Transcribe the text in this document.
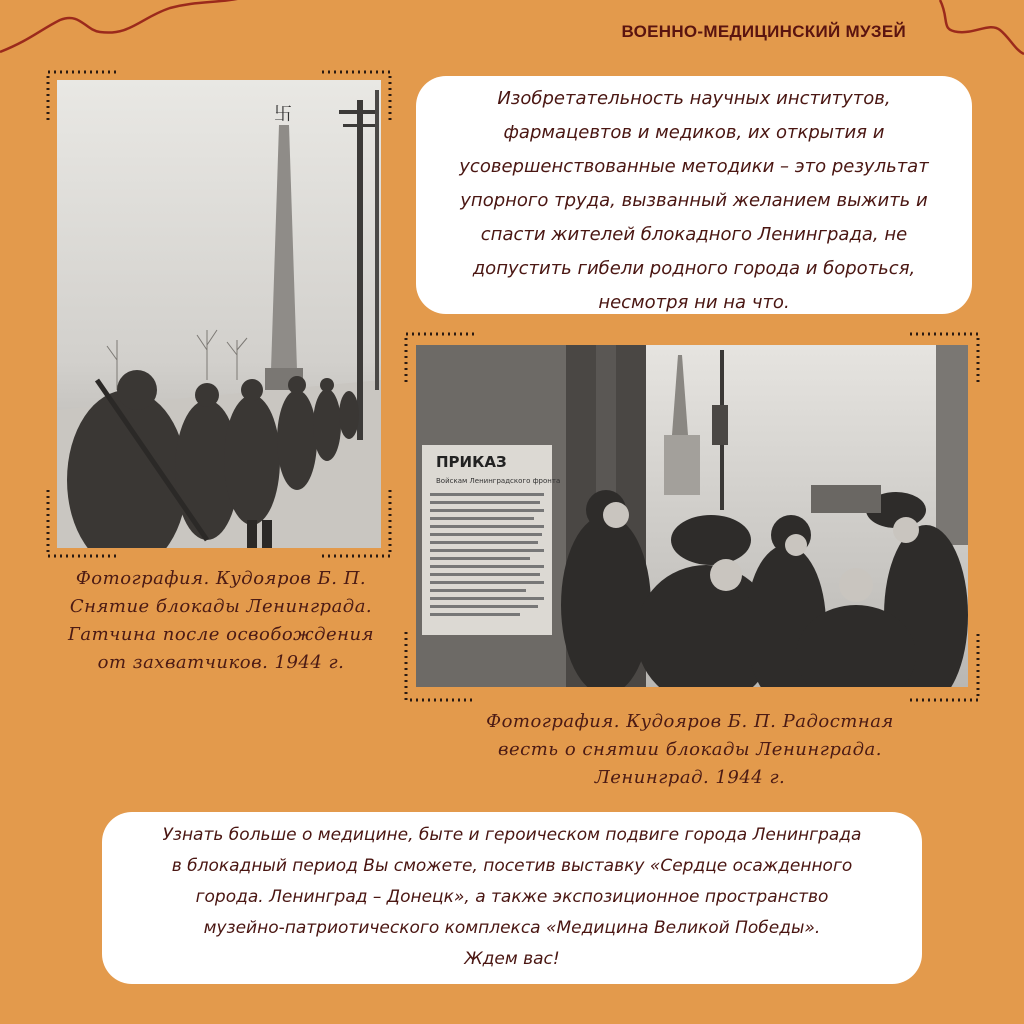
ВОЕННО-МЕДИЦИНСКИЙ МУЗЕЙ
卐
Фотография. Кудояров Б. П.
Снятие блокады Ленинграда.
Гатчина после освобождения
от захватчиков. 1944 г.

Изобретательность научных институтов,

фармацевтов и медиков, их открытия и

усовершенствованные методики – это результат

упорного труда, вызванный желанием выжить и

спасти жителей блокадного Ленинграда, не

допустить гибели родного города и бороться,

несмотря ни на что.

ПРИКАЗ
Войскам Ленинградского фронта
Фотография. Кудояров Б. П. Радостная
весть о снятии блокады Ленинграда.
Ленинград. 1944 г.

Узнать больше о медицине, быте и героическом подвиге города Ленинграда

в блокадный период Вы сможете, посетив выставку «Сердце осажденного

города. Ленинград – Донецк», а также экспозиционное пространство

музейно-патриотического комплекса «Медицина Великой Победы».

Ждем вас!
